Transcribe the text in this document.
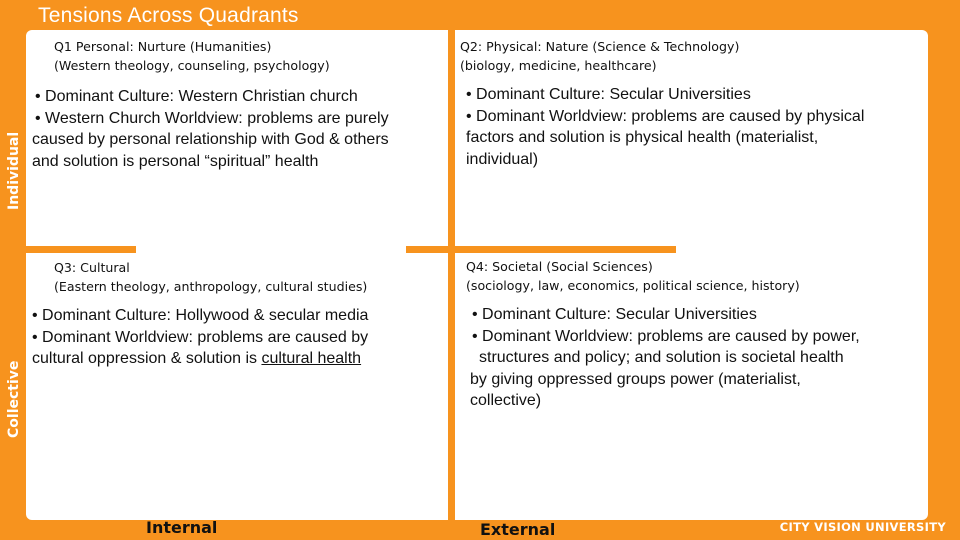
Tensions Across Quadrants
Individual
Collective
Q1 Personal: Nurture (Humanities)
(Western theology, counseling, psychology)
• Dominant Culture: Western Christian church
• Western Church Worldview: problems are purely
caused by personal relationship with God & others
and solution is personal “spiritual” health
Q2: Physical: Nature (Science & Technology)
(biology, medicine, healthcare)
• Dominant Culture: Secular Universities
• Dominant Worldview: problems are caused by physical
factors and solution is physical health (materialist,
individual)
Q3: Cultural
(Eastern theology, anthropology, cultural studies)
• Dominant Culture: Hollywood & secular media
• Dominant Worldview: problems are caused by
cultural oppression & solution is cultural health
Q4: Societal (Social Sciences)
(sociology, law, economics, political science, history)
• Dominant Culture: Secular Universities
• Dominant Worldview: problems are caused by power,
structures and policy; and solution is societal health
by giving oppressed groups power (materialist,
collective)
Internal	External	CITY VISION UNIVERSITY
